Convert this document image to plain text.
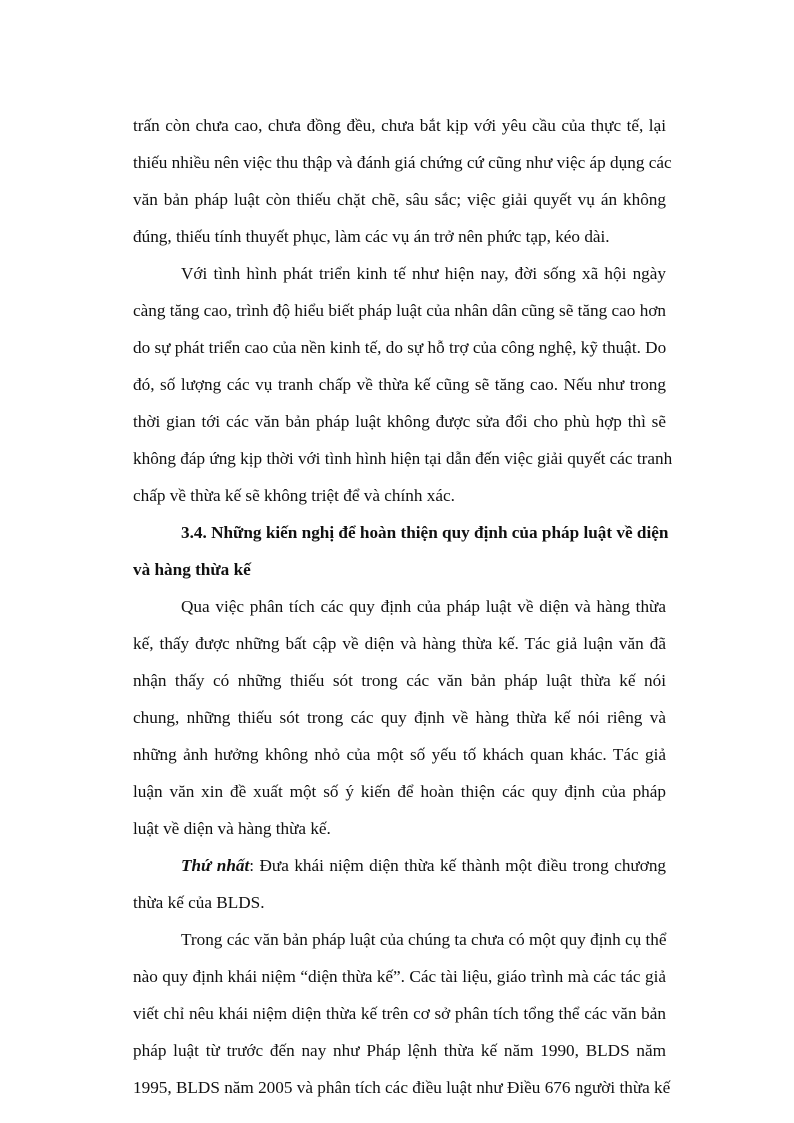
trấn còn chưa cao, chưa đồng đều, chưa bắt kịp với yêu cầu của thực tế, lại
thiếu nhiều nên việc thu thập và đánh giá chứng cứ cũng như việc áp dụng các
văn bản pháp luật còn thiếu chặt chẽ, sâu sắc; việc giải quyết vụ án không
đúng, thiếu tính thuyết phục, làm các vụ án trở nên phức tạp, kéo dài.
Với tình hình phát triển kinh tế như hiện nay, đời sống xã hội ngày
càng tăng cao, trình độ hiểu biết pháp luật của nhân dân cũng sẽ tăng cao hơn
do sự phát triển cao của nền kinh tế, do sự hỗ trợ của công nghệ, kỹ thuật. Do
đó, số lượng các vụ tranh chấp về thừa kế cũng sẽ tăng cao. Nếu như trong
thời gian tới các văn bản pháp luật không được sửa đổi cho phù hợp thì sẽ
không đáp ứng kịp thời với tình hình hiện tại dẫn đến việc giải quyết các tranh
chấp về thừa kế sẽ không triệt để và chính xác.
3.4. Những kiến nghị để hoàn thiện quy định của pháp luật về diện
và hàng thừa kế
Qua việc phân tích các quy định của pháp luật về diện và hàng thừa
kế, thấy được những bất cập về diện và hàng thừa kế. Tác giả luận văn đã
nhận thấy có những thiếu sót trong các văn bản pháp luật thừa kế nói
chung, những thiếu sót trong các quy định về hàng thừa kế nói riêng và
những ảnh hưởng không nhỏ của một số yếu tố khách quan khác. Tác giả
luận văn xin đề xuất một số ý kiến để hoàn thiện các quy định của pháp
luật về diện và hàng thừa kế.
Thứ nhất: Đưa khái niệm diện thừa kế thành một điều trong chương
thừa kế của BLDS.
Trong các văn bản pháp luật của chúng ta chưa có một quy định cụ thể
nào quy định khái niệm “diện thừa kế”. Các tài liệu, giáo trình mà các tác giả
viết chỉ nêu khái niệm diện thừa kế trên cơ sở phân tích tổng thể các văn bản
pháp luật từ trước đến nay như Pháp lệnh thừa kế năm 1990, BLDS năm
1995, BLDS năm 2005 và phân tích các điều luật như Điều 676 người thừa kế
